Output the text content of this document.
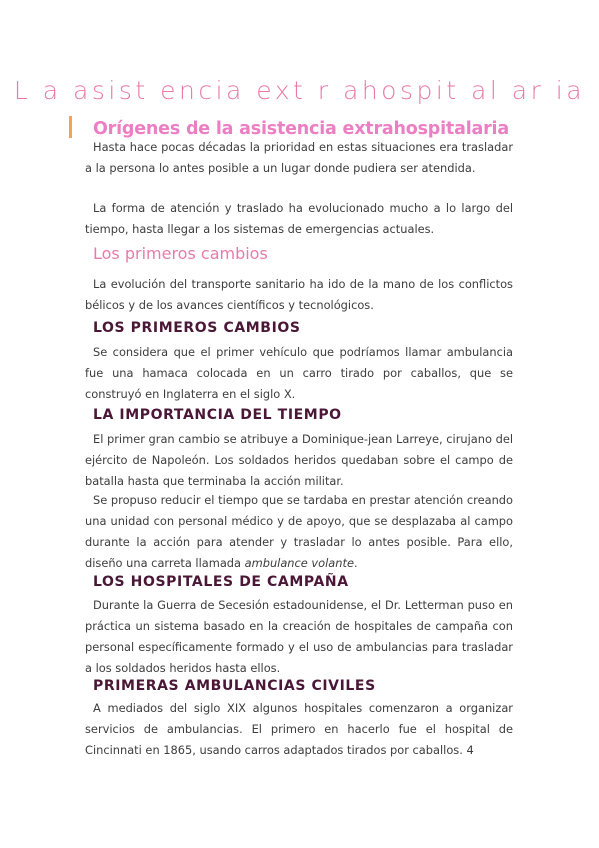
L a asist encia ext r ahospit al ar ia
Orígenes de la asistencia extrahospitalaria
Hasta hace pocas décadas la prioridad en estas situaciones era trasladar a la persona lo antes posible a un lugar donde pudiera ser atendida.
La forma de atención y traslado ha evolucionado mucho a lo largo del tiempo, hasta llegar a los sistemas de emergencias actuales.
Los primeros cambios
La evolución del transporte sanitario ha ido de la mano de los conflictos bélicos y de los avances científicos y tecnológicos.
LOS PRIMEROS CAMBIOS
Se considera que el primer vehículo que podríamos llamar ambulancia fue una hamaca colocada en un carro tirado por caballos, que se construyó en Inglaterra en el siglo X.
LA IMPORTANCIA DEL TIEMPO
El primer gran cambio se atribuye a Dominique-jean Larreye, cirujano del ejército de Napoleón. Los soldados heridos quedaban sobre el campo de batalla hasta que terminaba la acción militar.
Se propuso reducir el tiempo que se tardaba en prestar atención creando una unidad con personal médico y de apoyo, que se desplazaba al campo durante la acción para atender y trasladar lo antes posible. Para ello, diseño una carreta llamada ambulance volante.
LOS HOSPITALES DE CAMPAÑA
Durante la Guerra de Secesión estadounidense, el Dr. Letterman puso en práctica un sistema basado en la creación de hospitales de campaña con personal específicamente formado y el uso de ambulancias para trasladar a los soldados heridos hasta ellos.
PRIMERAS AMBULANCIAS CIVILES
A mediados del siglo XIX algunos hospitales comenzaron a organizar servicios de ambulancias. El primero en hacerlo fue el hospital de Cincinnati en 1865, usando carros adaptados tirados por caballos. 4
